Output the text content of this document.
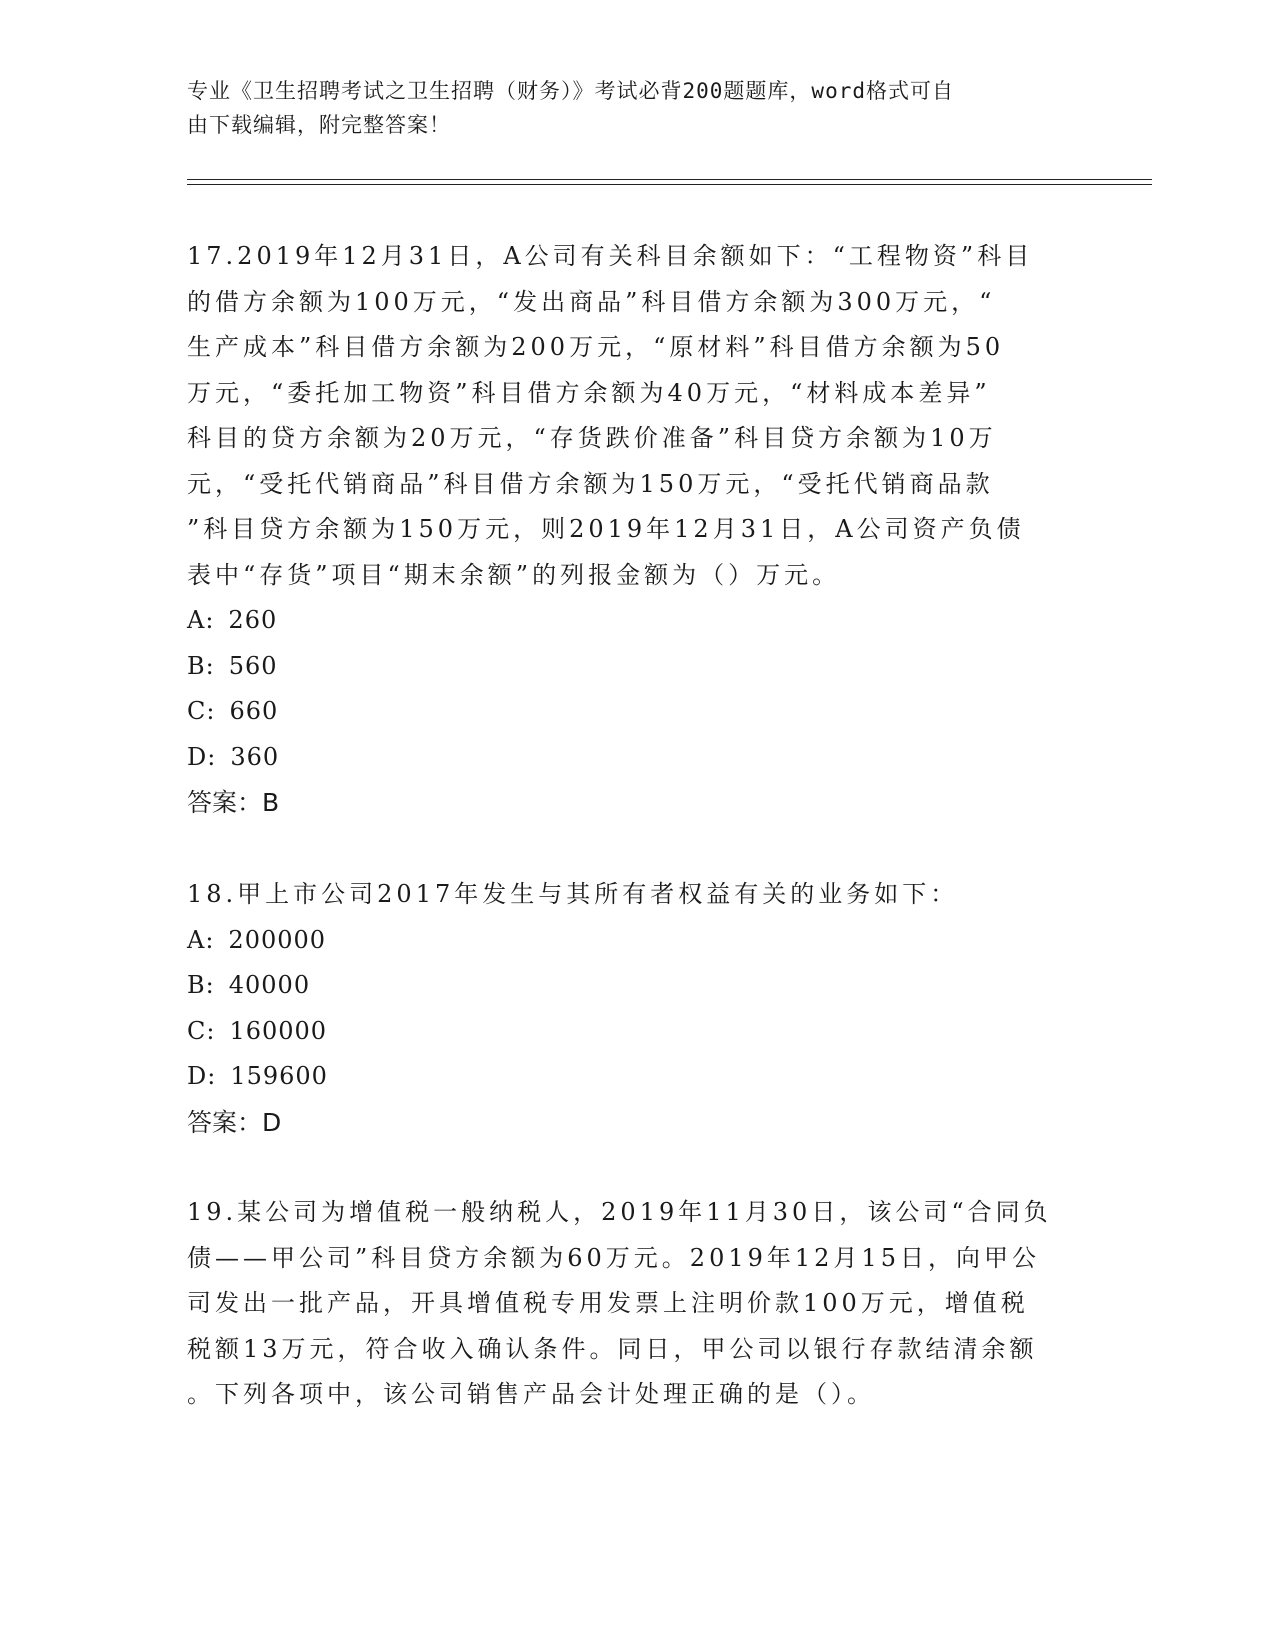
专业《卫生招聘考试之卫生招聘（财务）》考试必背200题题库，word格式可自
由下载编辑，附完整答案！

17.2019年12月31日，A公司有关科目余额如下：“工程物资”科目

的借方余额为100万元，“发出商品”科目借方余额为300万元，“

生产成本”科目借方余额为200万元，“原材料”科目借方余额为50

万元，“委托加工物资”科目借方余额为40万元，“材料成本差异”

科目的贷方余额为20万元，“存货跌价准备”科目贷方余额为10万

元，“受托代销商品”科目借方余额为150万元，“受托代销商品款

”科目贷方余额为150万元，则2019年12月31日，A公司资产负债

表中“存货”项目“期末余额”的列报金额为（）万元。

A: 260

B: 560

C: 660

D: 360

答案：B

18.甲上市公司2017年发生与其所有者权益有关的业务如下：

A: 200000

B: 40000

C: 160000

D: 159600

答案：D

19.某公司为增值税一般纳税人，2019年11月30日，该公司“合同负

债——甲公司”科目贷方余额为60万元。2019年12月15日，向甲公

司发出一批产品，开具增值税专用发票上注明价款100万元，增值税

税额13万元，符合收入确认条件。同日，甲公司以银行存款结清余额

。下列各项中，该公司销售产品会计处理正确的是（）。
